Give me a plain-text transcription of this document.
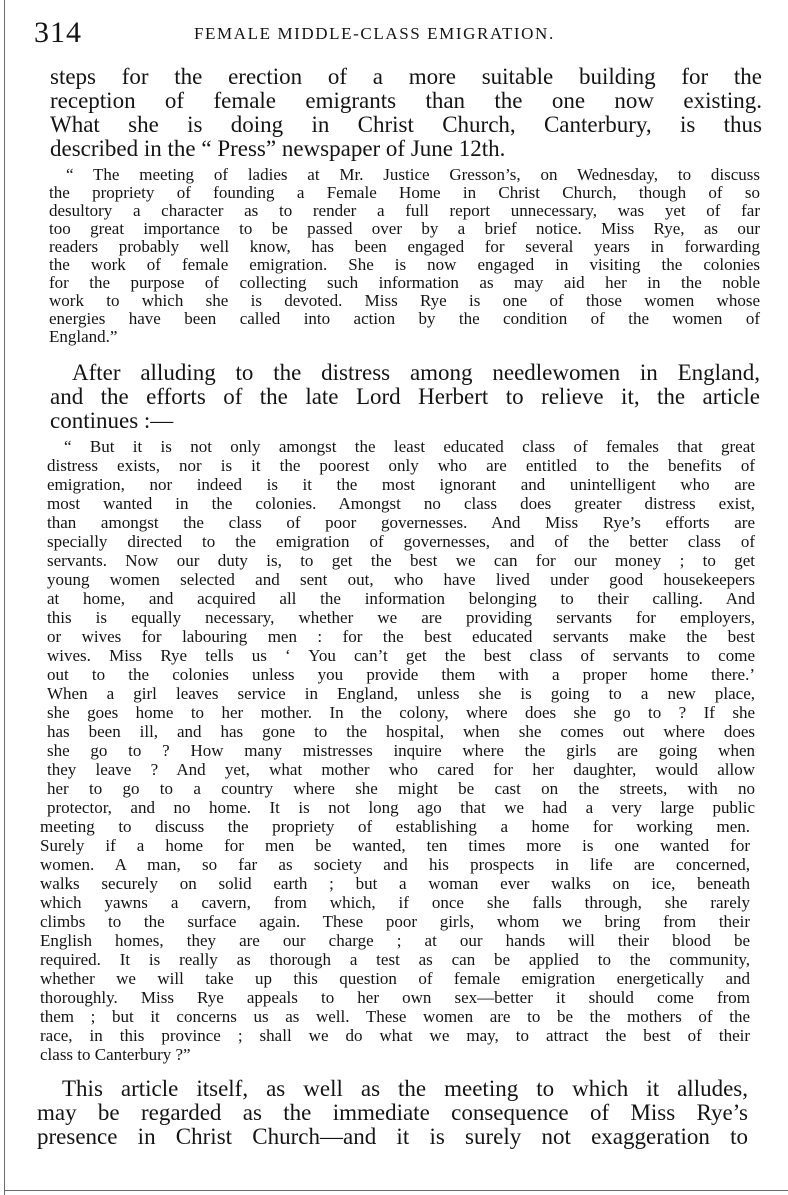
314	FEMALE MIDDLE-CLASS EMIGRATION.
steps for the erection of a more suitable building for the
reception of female emigrants than the one now existing.
What she is doing in Christ Church, Canterbury, is thus
described in the “ Press” newspaper of June 12th.
“ The meeting of ladies at Mr. Justice Gresson’s, on Wednesday, to discuss
the propriety of founding a Female Home in Christ Church, though of so
desultory a character as to render a full report unnecessary, was yet of far
too great importance to be passed over by a brief notice. Miss Rye, as our
readers probably well know, has been engaged for several years in forwarding
the work of female emigration. She is now engaged in visiting the colonies
for the purpose of collecting such information as may aid her in the noble
work to which she is devoted. Miss Rye is one of those women whose
energies have been called into action by the condition of the women of
England.”
After alluding to the distress among needlewomen in England,
and the efforts of the late Lord Herbert to relieve it, the article
continues :—
“ But it is not only amongst the least educated class of females that great
distress exists, nor is it the poorest only who are entitled to the benefits of
emigration, nor indeed is it the most ignorant and unintelligent who are
most wanted in the colonies. Amongst no class does greater distress exist,
than amongst the class of poor governesses. And Miss Rye’s efforts are
specially directed to the emigration of governesses, and of the better class of
servants. Now our duty is, to get the best we can for our money ; to get
young women selected and sent out, who have lived under good housekeepers
at home, and acquired all the information belonging to their calling. And
this is equally necessary, whether we are providing servants for employers,
or wives for labouring men : for the best educated servants make the best
wives. Miss Rye tells us ‘ You can’t get the best class of servants to come
out to the colonies unless you provide them with a proper home there.’
When a girl leaves service in England, unless she is going to a new place,
she goes home to her mother. In the colony, where does she go to ? If she
has been ill, and has gone to the hospital, when she comes out where does
she go to ? How many mistresses inquire where the girls are going when
they leave ? And yet, what mother who cared for her daughter, would allow
her to go to a country where she might be cast on the streets, with no
protector, and no home. It is not long ago that we had a very large public
meeting to discuss the propriety of establishing a home for working men.
Surely if a home for men be wanted, ten times more is one wanted for
women. A man, so far as society and his prospects in life are concerned,
walks securely on solid earth ; but a woman ever walks on ice, beneath
which yawns a cavern, from which, if once she falls through, she rarely
climbs to the surface again. These poor girls, whom we bring from their
English homes, they are our charge ; at our hands will their blood be
required. It is really as thorough a test as can be applied to the community,
whether we will take up this question of female emigration energetically and
thoroughly. Miss Rye appeals to her own sex—better it should come from
them ; but it concerns us as well. These women are to be the mothers of the
race, in this province ; shall we do what we may, to attract the best of their
class to Canterbury ?”
This article itself, as well as the meeting to which it alludes,
may be regarded as the immediate consequence of Miss Rye’s
presence in Christ Church—and it is surely not exaggeration to
